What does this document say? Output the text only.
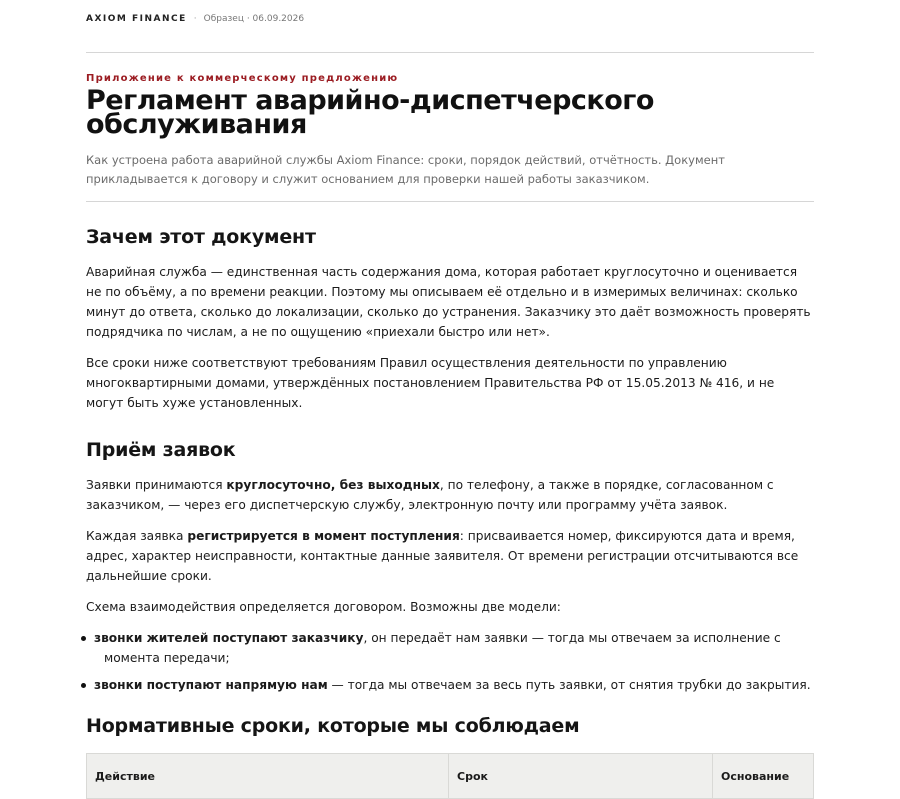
AXIOM FINANCE · Образец · 06.09.2026
Приложение к коммерческому предложению
Регламент аварийно-диспетчерского обслуживания

Как устроена работа аварийной службы Axiom Finance: сроки, порядок действий, отчётность. Документ прикладывается к договору и служит основанием для проверки нашей работы заказчиком.

Зачем этот документ

Аварийная служба — единственная часть содержания дома, которая работает круглосуточно и оценивается не по объёму, а по времени реакции. Поэтому мы описываем её отдельно и в измеримых величинах: сколько минут до ответа, сколько до локализации, сколько до устранения. Заказчику это даёт возможность проверять подрядчика по числам, а не по ощущению «приехали быстро или нет».

Все сроки ниже соответствуют требованиям Правил осуществления деятельности по управлению многоквартирными домами, утверждённых постановлением Правительства РФ от 15.05.2013 № 416, и не могут быть хуже установленных.

Приём заявок

Заявки принимаются круглосуточно, без выходных, по телефону, а также в порядке, согласованном с заказчиком, — через его диспетчерскую службу, электронную почту или программу учёта заявок.

Каждая заявка регистрируется в момент поступления: присваивается номер, фиксируются дата и время, адрес, характер неисправности, контактные данные заявителя. От времени регистрации отсчитываются все дальнейшие сроки.

Схема взаимодействия определяется договором. Возможны две модели:

звонки жителей поступают заказчику, он передаёт нам заявки — тогда мы отвечаем за исполнение с момента передачи;
звонки поступают напрямую нам — тогда мы отвечаем за весь путь заявки, от снятия трубки до закрытия.
Нормативные сроки, которые мы соблюдаем
Действие	Срок	Основание
